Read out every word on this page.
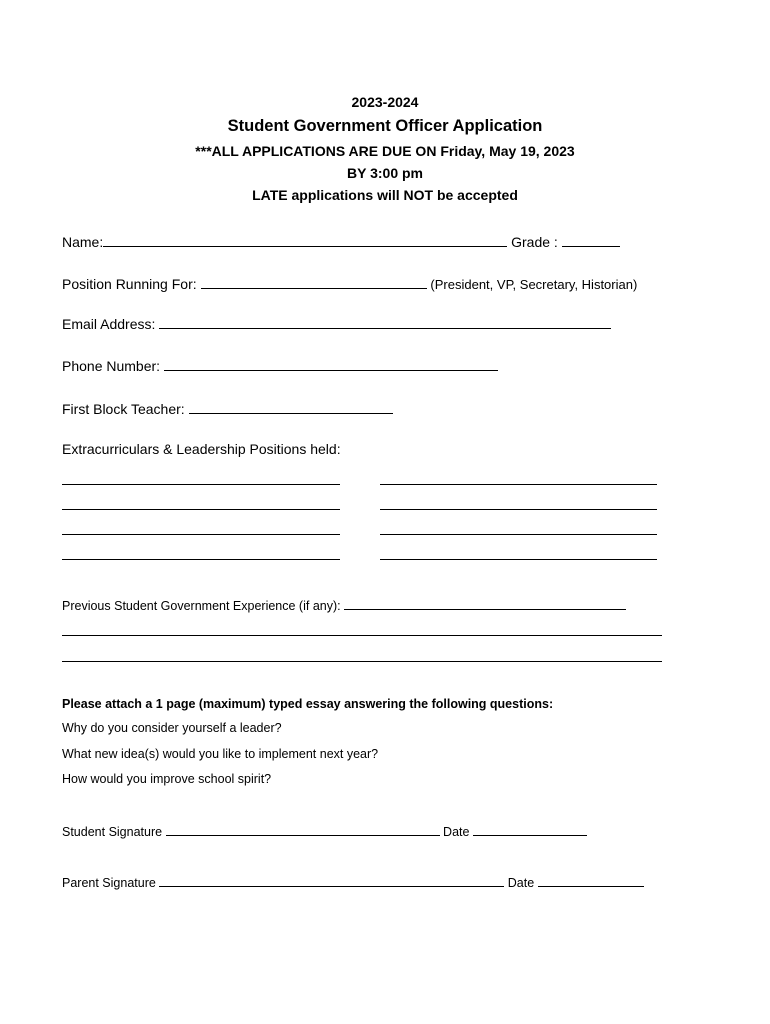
2023-2024
Student Government Officer Application
***ALL APPLICATIONS ARE DUE ON Friday, May 19, 2023
BY 3:00 pm
LATE applications will NOT be accepted
Name:	Grade :
Position Running For:	(President, VP, Secretary, Historian)
Email Address:
Phone Number:
First Block Teacher:
Extracurriculars & Leadership Positions held:
Previous Student Government Experience (if any):
Please attach a 1 page (maximum) typed essay answering the following questions:
Why do you consider yourself a leader?
What new idea(s) would you like to implement next year?
How would you improve school spirit?
Student Signature	Date
Parent Signature	Date
